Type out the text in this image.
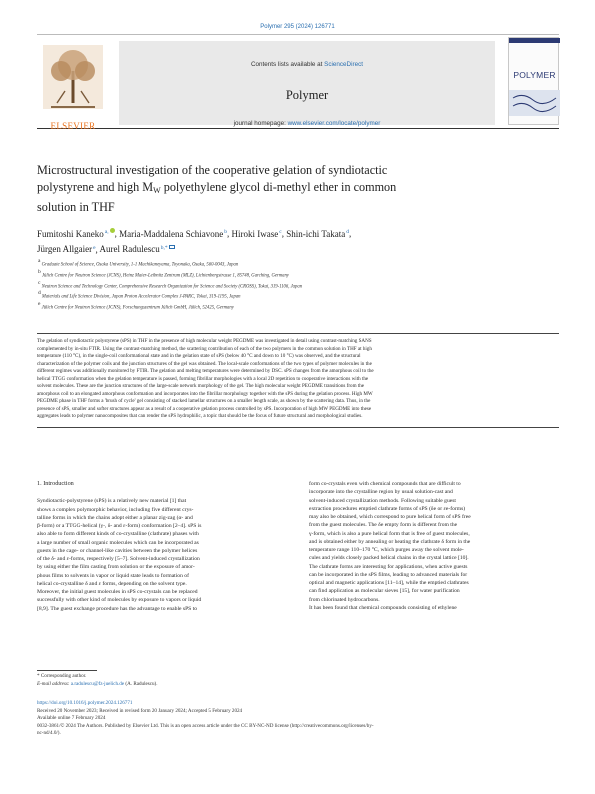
Polymer 295 (2024) 126771
ELSEVIER
Contents lists available at ScienceDirect
Polymer
journal homepage: www.elsevier.com/locate/polymer
POLYMER
Microstructural investigation of the cooperative gelation of syndiotactic
polystyrene and high MW polyethylene glycol di-methyl ether in common
solution in THF
Fumitoshi Kaneko$^{a,}$ , Maria-Maddalena Schiavone$^b$, Hiroki Iwase$^c$, Shin-ichi Takata$^d$,
Jürgen Allgaier$^e$, Aurel Radulescu$^{b,*}$
$^a$ Graduate School of Science, Osaka University, 1-1 Machikaneyama, Toyonaka, Osaka, 560-0043, Japan
$^b$ Jülich Centre for Neutron Science (JCNS), Heinz Maier-Leibnitz Zentrum (MLZ), Lichtenbergstrasse 1, 85748, Garching, Germany
$^c$ Neutron Science and Technology Center, Comprehensive Research Organization for Science and Society (CROSS), Tokai, 319-1106, Japan
$^d$ Materials and Life Science Division, Japan Proton Accelerator Complex J-PARC, Tokai, 319-1195, Japan
$^e$ Jülich Centre for Neutron Science (JCNS), Forschungszentrum Jülich GmbH, Jülich, 52425, Germany
The gelation of syndiotactic polystyrene (sPS) in THF in the presence of high molecular weight PEGDME was investigated in detail using contrast-matching SANS
complemented by in-situ FTIR. Using the contrast-matching method, the scattering contribution of each of the two polymers in the common solution in THF at high
temperature (110 °C), in the single-coil conformational state and in the gelation state of sPS (below 40 °C and down to 10 °C) was observed, and the structural
characterization of the polymer coils and the junction structures of the gel was obtained. The local-scale conformations of the two types of polymer molecules in the
different regimes was additionally monitored by FTIR. The gelation and melting temperatures were determined by DSC. sPS changes from the amorphous coil to the
helical TTGG conformation when the gelation temperature is passed, forming fibrillar morphologies with a local 2D repetition to cooperative interactions with the
solvent molecules. These are the junction structures of the large-scale network morphology of the gel. The high molecular weight PEGDME transitions from the
amorphous coil to an elongated amorphous conformation and incorporates into the fibrillar morphology together with the sPS during the gelation process. High MW
PEGDME phase in THF forms a 'brush of cycle' gel consisting of stacked lamellar structures on a smaller length scale, as shown by the scattering data. Thus, in the
presence of sPS, smaller and softer structures appear as a result of a cooperative gelation process controlled by sPS. Incorporation of high MW PEGDME into these
aggregates leads to polymer nanocomposites that can render the sPS hydrophilic, a topic that should be the focus of future structural and morphological studies.
1. Introduction
Syndiotactic-polystyrene (sPS) is a relatively new material [1] that
shows a complex polymorphic behavior, including five different crys-
talline forms in which the chains adopt either a planar zig-zag (α- and
β-form) or a TTGG-helical (γ-, δ- and ε-form) conformation [2–4]. sPS is
also able to form different kinds of co-crystalline (clathrate) phases with
a large number of small organic molecules which can be incorporated as
guests in the cage- or channel-like cavities between the polymer helices
of the δ- and ε-forms, respectively [5–7]. Solvent-induced crystallization
by using either the film casting from solution or the exposure of amor-
phous films to solvents in vapor or liquid state leads to formation of
helical co-crystalline δ and ε forms, depending on the solvent type.
Moreover, the initial guest molecules in sPS co-crystals can be replaced
successfully with other kind of molecules by exposure to vapors or liquid
[8,9]. The guest exchange procedure has the advantage to enable sPS to
form co-crystals even with chemical compounds that are difficult to
incorporate into the crystalline region by usual solution-cast and
solvent-induced crystallization methods. Following suitable guest
extraction procedures emptied clathrate forms of sPS (δe or εe-forms)
may also be obtained, which correspond to pure helical form of sPS free
from the guest molecules. The δe empty form is different from the
γ-form, which is also a pure helical form that is free of guest molecules,
and is obtained either by annealing or heating the clathrate δ form in the
temperature range 110–170 °C, which purges away the solvent mole-
cules and yields closely packed helical chains in the crystal lattice [10].
The clathrate forms are interesting for applications, when active guests
can be incorporated in the sPS films, leading to advanced materials for
optical and magnetic applications [11–14], while the emptied clathrates
can find application as molecular sieves [15], for water purification
from chlorinated hydrocarbons.
It has been found that chemical compounds consisting of ethylene
* Corresponding author.
E-mail address: a.radulescu@fz-juelich.de (A. Radulescu).
https://doi.org/10.1016/j.polymer.2024.126771
Received 20 November 2023; Received in revised form 20 January 2024; Accepted 5 February 2024
Available online 7 February 2024
0032-3861/© 2024 The Authors. Published by Elsevier Ltd. This is an open access article under the CC BY-NC-ND license (http://creativecommons.org/licenses/by-
nc-nd/4.0/).
